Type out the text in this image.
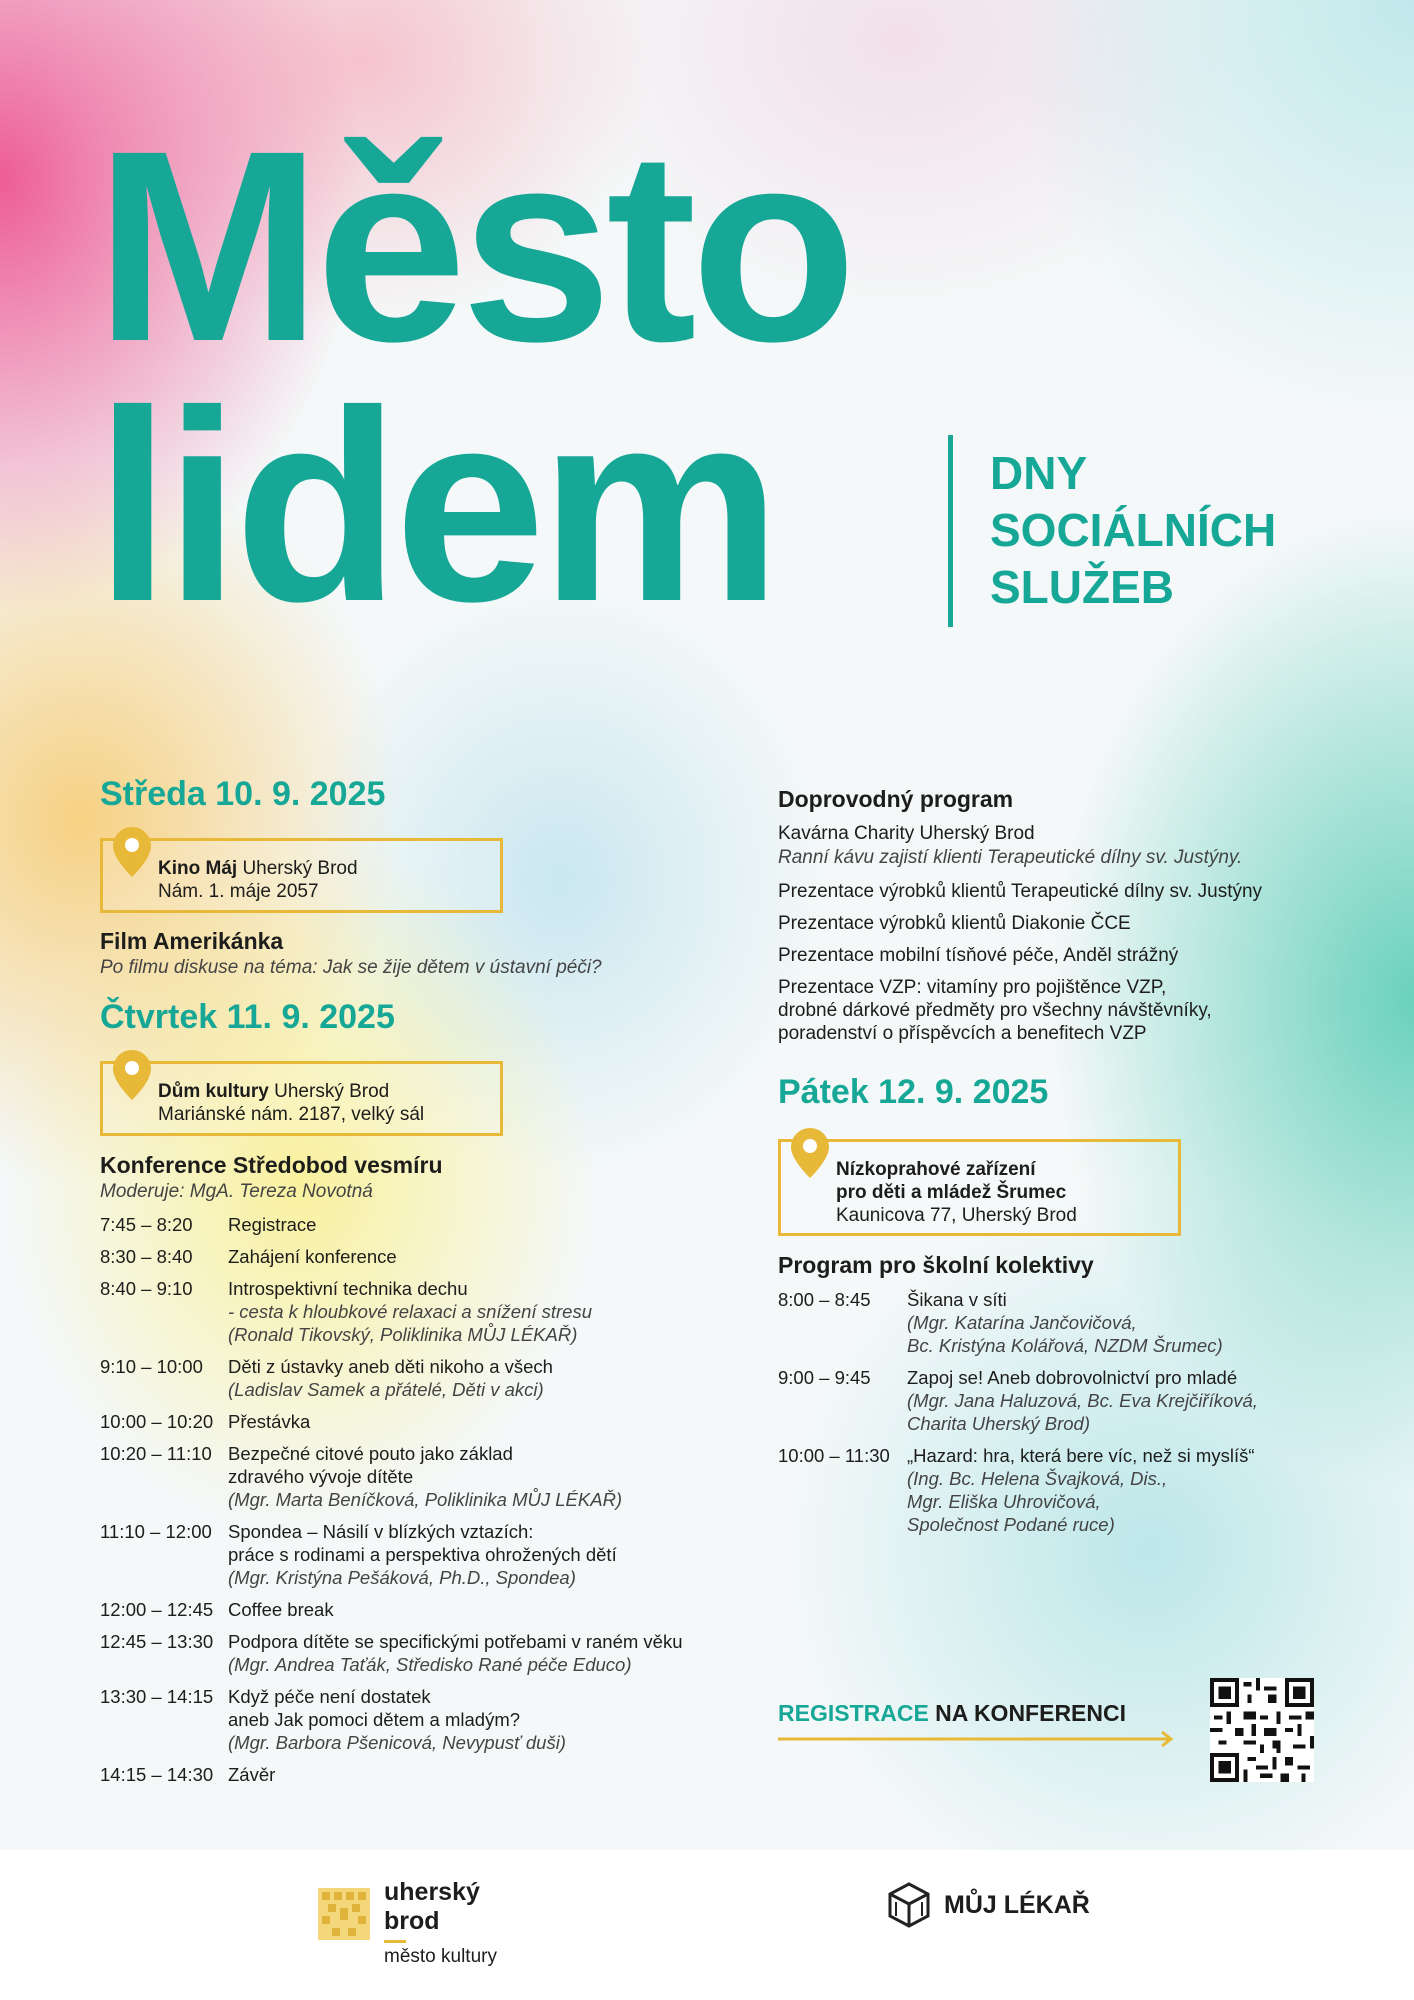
Město
lidem	DNY
SOCIÁLNÍCH
SLUŽEB
Středa 10. 9. 2025
Kino Máj Uherský Brod
Nám. 1. máje 2057
Film Amerikánka
Po filmu diskuse na téma: Jak se žije dětem v ústavní péči?
Čtvrtek 11. 9. 2025
Dům kultury Uherský Brod
Mariánské nám. 2187, velký sál
Konference Středobod vesmíru
Moderuje: MgA. Tereza Novotná
7:45 – 8:20 Registrace
8:30 – 8:40 Zahájení konference
8:40 – 9:10 Introspektivní technika dechu
- cesta k hloubkové relaxaci a snížení stresu
(Ronald Tikovský, Poliklinika MŮJ LÉKAŘ)
9:10 – 10:00 Děti z ústavky aneb děti nikoho a všech
(Ladislav Samek a přátelé, Děti v akci)
10:00 – 10:20 Přestávka
10:20 – 11:10 Bezpečné citové pouto jako základ
zdravého vývoje dítěte
(Mgr. Marta Beníčková, Poliklinika MŮJ LÉKAŘ)
11:10 – 12:00 Spondea – Násilí v blízkých vztazích:
práce s rodinami a perspektiva ohrožených dětí
(Mgr. Kristýna Pešáková, Ph.D., Spondea)
12:00 – 12:45 Coffee break
12:45 – 13:30 Podpora dítěte se specifickými potřebami v raném věku
(Mgr. Andrea Taťák, Středisko Rané péče Educo)
13:30 – 14:15 Když péče není dostatek
aneb Jak pomoci dětem a mladým?
(Mgr. Barbora Pšenicová, Nevypusť duši)
14:15 – 14:30 Závěr
Doprovodný program
Kavárna Charity Uherský Brod
Ranní kávu zajistí klienti Terapeutické dílny sv. Justýny.
Prezentace výrobků klientů Terapeutické dílny sv. Justýny
Prezentace výrobků klientů Diakonie ČCE
Prezentace mobilní tísňové péče, Anděl strážný
Prezentace VZP: vitamíny pro pojištěnce VZP,
drobné dárkové předměty pro všechny návštěvníky,
poradenství o příspěvcích a benefitech VZP
Pátek 12. 9. 2025
Nízkoprahové zařízení
pro děti a mládež Šrumec
Kaunicova 77, Uherský Brod
Program pro školní kolektivy
8:00 – 8:45 Šikana v síti
(Mgr. Katarína Jančovičová,
Bc. Kristýna Kolářová, NZDM Šrumec)
9:00 – 9:45 Zapoj se! Aneb dobrovolnictví pro mladé
(Mgr. Jana Haluzová, Bc. Eva Krejčiříková,
Charita Uherský Brod)
10:00 – 11:30 „Hazard: hra, která bere víc, než si myslíš“
(Ing. Bc. Helena Švajková, Dis.,
Mgr. Eliška Uhrovičová,
Společnost Podané ruce)
REGISTRACE NA KONFERENCI
uherský
brod
město kultury
MŮJ LÉKAŘ
